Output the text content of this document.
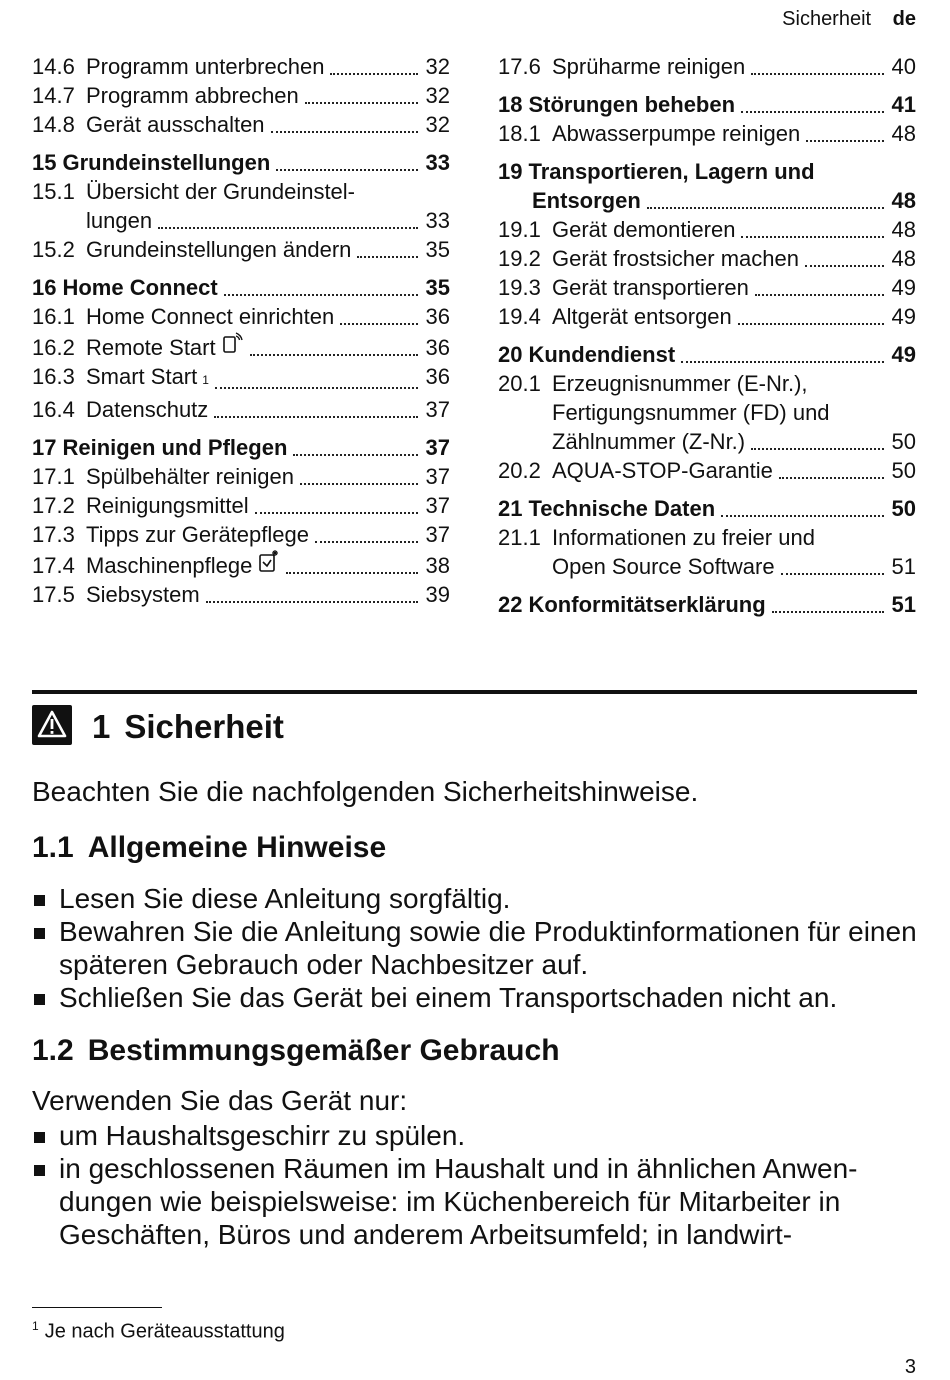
Sicherheit de
14.6 Programm unterbrechen	32
14.7 Programm abbrechen	32
14.8 Gerät ausschalten	32
15 Grundeinstellungen	33
15.1 Übersicht der Grundeinstel-
lungen	33
15.2 Grundeinstellungen ändern	35
16 Home Connect	35
16.1 Home Connect einrichten	36
16.2 Remote Start	36
16.3 Smart Start 1	36
16.4 Datenschutz	37
17 Reinigen und Pflegen	37
17.1 Spülbehälter reinigen	37
17.2 Reinigungsmittel	37
17.3 Tipps zur Gerätepflege	37
17.4 Maschinenpflege	38
17.5 Siebsystem	39
17.6 Sprüharme reinigen	40
18 Störungen beheben	41
18.1 Abwasserpumpe reinigen	48
19 Transportieren, Lagern und
Entsorgen	48
19.1 Gerät demontieren	48
19.2 Gerät frostsicher machen	48
19.3 Gerät transportieren	49
19.4 Altgerät entsorgen	49
20 Kundendienst	49
20.1 Erzeugnisnummer (E-Nr.),
Fertigungsnummer (FD) und
Zählnummer (Z-Nr.)	50
20.2 AQUA-STOP-Garantie	50
21 Technische Daten	50
21.1 Informationen zu freier und
Open Source Software	51
22 Konformitätserklärung	51
1 Sicherheit

Beachten Sie die nachfolgenden Sicherheitshinweise.

1.1 Allgemeine Hinweise
Lesen Sie diese Anleitung sorgfältig.
Bewahren Sie die Anleitung sowie die Produktinformationen für einen späteren Gebrauch oder Nachbesitzer auf.
Schließen Sie das Gerät bei einem Transportschaden nicht an.
1.2 Bestimmungsgemäßer Gebrauch

Verwenden Sie das Gerät nur:

um Haushaltsgeschirr zu spülen.
in geschlossenen Räumen im Haushalt und in ähnlichen Anwen-dungen wie beispielsweise: im Küchenbereich für Mitarbeiter in Geschäften, Büros und anderem Arbeitsumfeld; in landwirt-

$^1$ Je nach Geräteausstattung

3
